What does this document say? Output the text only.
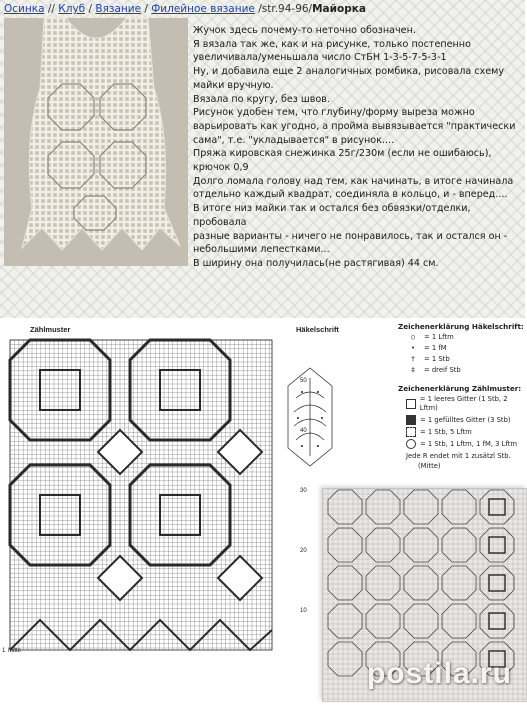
Осинка // Клуб / Вязание / Филейное вязание /str.94-96/Майорка

Жучок здесь почему-то неточно обозначен.

Я вязала так же, как и на рисунке, только постепенно

увеличивала/уменьшала число СтБН 1-3-5-7-5-3-1

Ну, и добавила еще 2 аналогичных ромбика, рисовала схему

майки вручную.

Вязала по кругу, без швов.

Рисунок удобен тем, что глубину/форму выреза можно

варьировать как угодно, а пройма вывязывается "практически

сама", т.е. "укладывается" в рисунок....

Пряжа кировская снежинка 25г/230м (если не ошибаюсь),

крючок 0,9

Долго ломала голову над тем, как начинать, в итоге начинала

отдельно каждый квадрат, соединяла в кольцо, и - вперед....

В итоге низ майки так и остался без обвязки/отделки, пробовала

разные варианты - ничего не понравилось, так и остался он -

небольшими лепестками...

В ширину она получилась(не растягивая) 44 см.

Zählmuster	Häkelschrift
50
40
30
20
10
1 Mitte
Zeichenerklärung Häkelschrift:
○	= 1 Lftm
•	= 1 fM
†	= 1 Stb
‡	= dreif Stb
Zeichenerklärung Zählmuster:
= 1 leeres Gitter (1 Stb, 2 Lftm)
= 1 gefülltes Gitter (3 Stb)
= 1 Stb, 5 Lftm
= 1 Stb, 1 Lftm, 1 fM, 3 Lftm
Jede R endet mit 1 zusätzl Stb.
(Mitte)
postila.ru
